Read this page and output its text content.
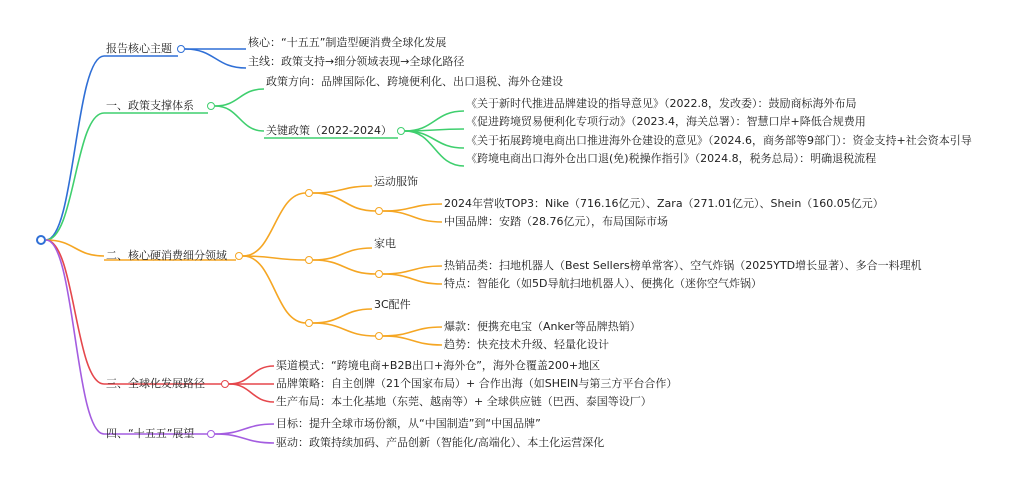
报告核心主题	核心：“十五五”制造型硬消费全球化发展
主线：政策支持→细分领域表现→全球化路径
一、政策支撑体系
政策方向：品牌国际化、跨境便利化、出口退税、海外仓建设
关键政策（2022-2024）
《关于新时代推进品牌建设的指导意见》（2022.8，发改委）：鼓励商标海外布局
《促进跨境贸易便利化专项行动》（2023.4，海关总署）：智慧口岸+降低合规费用
《关于拓展跨境电商出口推进海外仓建设的意见》（2024.6，商务部等9部门）：资金支持+社会资本引导
《跨境电商出口海外仓出口退(免)税操作指引》（2024.8，税务总局）：明确退税流程
二、核心硬消费细分领域
运动服饰
2024年营收TOP3：Nike（716.16亿元）、Zara（271.01亿元）、Shein（160.05亿元）
中国品牌：安踏（28.76亿元），布局国际市场
家电
热销品类：扫地机器人（Best Sellers榜单常客）、空气炸锅（2025YTD增长显著）、多合一料理机
特点：智能化（如5D导航扫地机器人）、便携化（迷你空气炸锅）
3C配件
爆款：便携充电宝（Anker等品牌热销）
趋势：快充技术升级、轻量化设计
三、全球化发展路径
渠道模式：“跨境电商+B2B出口+海外仓”，海外仓覆盖200+地区
品牌策略：自主创牌（21个国家布局）+ 合作出海（如SHEIN与第三方平台合作）
生产布局：本土化基地（东莞、越南等）+ 全球供应链（巴西、泰国等设厂）
四、“十五五”展望
目标：提升全球市场份额，从“中国制造”到“中国品牌”
驱动：政策持续加码、产品创新（智能化/高端化）、本土化运营深化
